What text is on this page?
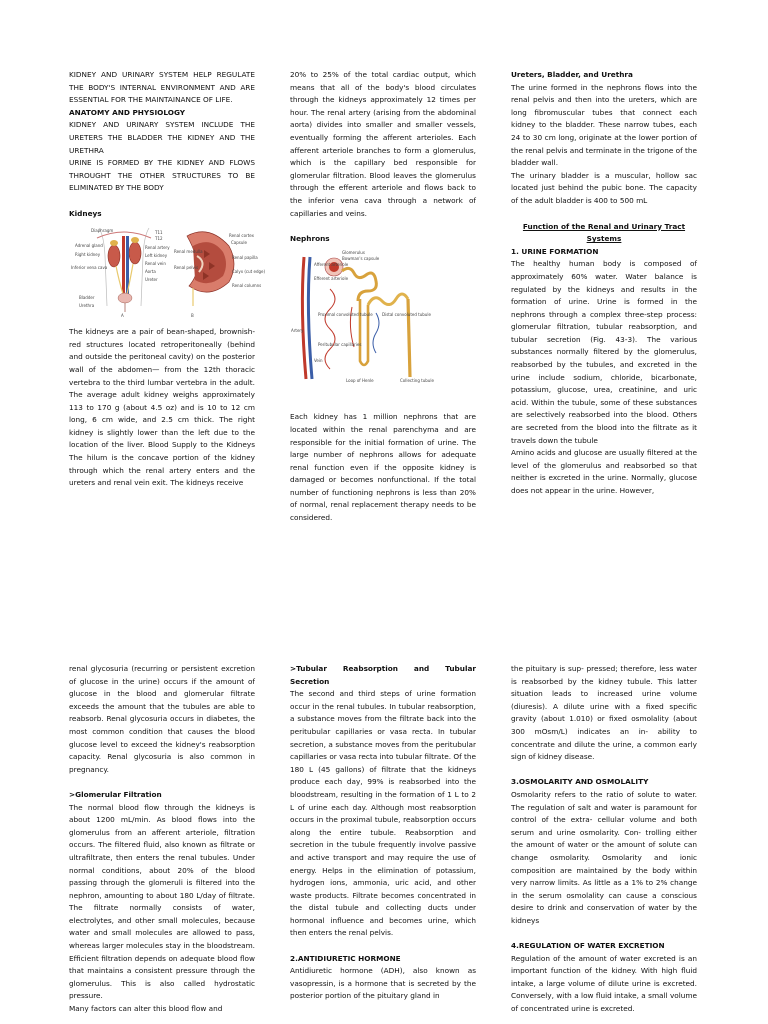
KIDNEY AND URINARY SYSTEM HELP REGULATE THE BODY'S INTERNAL ENVIRONMENT AND ARE ESSENTIAL FOR THE MAINTAINANCE OF LIFE.

ANATOMY AND PHYSIOLOGY

KIDNEY AND URINARY SYSTEM INCLUDE THE URETERS THE BLADDER THE KIDNEY AND THE URETHRA

URINE IS FORMED BY THE KIDNEY AND FLOWS THROUGHT THE OTHER STRUCTURES TO BE ELIMINATED BY THE BODY

Kidneys

Diaphragm	T11
T12
Adrenal gland
Right kidney
Inferior vena cava
Renal artery
Left kidney
Renal vein
Aorta
Ureter
Bladder
Urethra
A	B
Renal cortex
Capsule
Renal medulla
Renal pelvis
Renal papilla
Calyx (cut edge)
Renal columns

The kidneys are a pair of bean-shaped, brownish-red structures located retroperitoneally (behind and outside the peritoneal cavity) on the posterior wall of the abdomen— from the 12th thoracic vertebra to the third lumbar vertebra in the adult. The average adult kidney weighs approximately 113 to 170 g (about 4.5 oz) and is 10 to 12 cm long, 6 cm wide, and 2.5 cm thick. The right kidney is slightly lower than the left due to the location of the liver. Blood Supply to the Kidneys The hilum is the concave portion of the kidney through which the renal artery enters and the ureters and renal vein exit. The kidneys receive

20% to 25% of the total cardiac output, which means that all of the body's blood circulates through the kidneys approximately 12 times per hour. The renal artery (arising from the abdominal aorta) divides into smaller and smaller vessels, eventually forming the afferent arterioles. Each afferent arteriole branches to form a glomerulus, which is the capillary bed responsible for glomerular filtration. Blood leaves the glomerulus through the efferent arteriole and flows back to the inferior vena cava through a network of capillaries and veins.

Nephrons

Glomerulus
Bowman's capsule
Afferent arteriole
Efferent arteriole
Proximal convoluted tubule Distal convoluted tubule
Artery
Peritubular capillaries
Vein
Loop of Henle	Collecting tubule

Each kidney has 1 million nephrons that are located within the renal parenchyma and are responsible for the initial formation of urine. The large number of nephrons allows for adequate renal function even if the opposite kidney is damaged or becomes nonfunctional. If the total number of functioning nephrons is less than 20% of normal, renal replacement therapy needs to be considered.

Ureters, Bladder, and Urethra

The urine formed in the nephrons flows into the renal pelvis and then into the ureters, which are long fibromuscular tubes that connect each kidney to the bladder. These narrow tubes, each 24 to 30 cm long, originate at the lower portion of the renal pelvis and terminate in the trigone of the bladder wall.

The urinary bladder is a muscular, hollow sac located just behind the pubic bone. The capacity of the adult bladder is 400 to 500 mL

Function of the Renal and Urinary Tract Systems

1. URINE FORMATION

The healthy human body is composed of approximately 60% water. Water balance is regulated by the kidneys and results in the formation of urine. Urine is formed in the nephrons through a complex three-step process: glomerular filtration, tubular reabsorption, and tubular secretion (Fig. 43-3). The various substances normally filtered by the glomerulus, reabsorbed by the tubules, and excreted in the urine include sodium, chloride, bicarbonate, potassium, glucose, urea, creatinine, and uric acid. Within the tubule, some of these substances are selectively reabsorbed into the blood. Others are secreted from the blood into the filtrate as it travels down the tubule

Amino acids and glucose are usually filtered at the level of the glomerulus and reabsorbed so that neither is excreted in the urine. Normally, glucose does not appear in the urine. However,

renal glycosuria (recurring or persistent excretion of glucose in the urine) occurs if the amount of glucose in the blood and glomerular filtrate exceeds the amount that the tubules are able to reabsorb. Renal glycosuria occurs in diabetes, the most common condition that causes the blood glucose level to exceed the kidney's reabsorption capacity. Renal glycosuria is also common in pregnancy.

>Glomerular Filtration

The normal blood flow through the kidneys is about 1200 mL/min. As blood flows into the glomerulus from an afferent arteriole, filtration occurs. The filtered fluid, also known as filtrate or ultrafiltrate, then enters the renal tubules. Under normal conditions, about 20% of the blood passing through the glomeruli is filtered into the nephron, amounting to about 180 L/day of filtrate. The filtrate normally consists of water, electrolytes, and other small molecules, because water and small molecules are allowed to pass, whereas larger molecules stay in the bloodstream. Efficient filtration depends on adequate blood flow that maintains a consistent pressure through the glomerulus. This is also called hydrostatic pressure.

Many factors can alter this blood flow and

>Tubular Reabsorption and Tubular Secretion

The second and third steps of urine formation occur in the renal tubules. In tubular reabsorption, a substance moves from the filtrate back into the peritubular capillaries or vasa recta. In tubular secretion, a substance moves from the peritubular capillaries or vasa recta into tubular filtrate. Of the 180 L (45 gallons) of filtrate that the kidneys produce each day, 99% is reabsorbed into the bloodstream, resulting in the formation of 1 L to 2 L of urine each day. Although most reabsorption occurs in the proximal tubule, reabsorption occurs along the entire tubule. Reabsorption and secretion in the tubule frequently involve passive and active transport and may require the use of energy. Helps in the elimination of potassium, hydrogen ions, ammonia, uric acid, and other waste products. Filtrate becomes concentrated in the distal tubule and collecting ducts under hormonal influence and becomes urine, which then enters the renal pelvis.

2.ANTIDIURETIC HORMONE

Antidiuretic hormone (ADH), also known as vasopressin, is a hormone that is secreted by the posterior portion of the pituitary gland in

the pituitary is sup- pressed; therefore, less water is reabsorbed by the kidney tubule. This latter situation leads to increased urine volume (diuresis). A dilute urine with a fixed specific gravity (about 1.010) or fixed osmolality (about 300 mOsm/L) indicates an in- ability to concentrate and dilute the urine, a common early sign of kidney disease.

3.OSMOLARITY AND OSMOLALITY

Osmolarity refers to the ratio of solute to water. The regulation of salt and water is paramount for control of the extra- cellular volume and both serum and urine osmolarity. Con- trolling either the amount of water or the amount of solute can change osmolarity. Osmolarity and ionic composition are maintained by the body within very narrow limits. As little as a 1% to 2% change in the serum osmolality can cause a conscious desire to drink and conservation of water by the kidneys

4.REGULATION OF WATER EXCRETION

Regulation of the amount of water excreted is an important function of the kidney. With high fluid intake, a large volume of dilute urine is excreted. Conversely, with a low fluid intake, a small volume of concentrated urine is excreted.
